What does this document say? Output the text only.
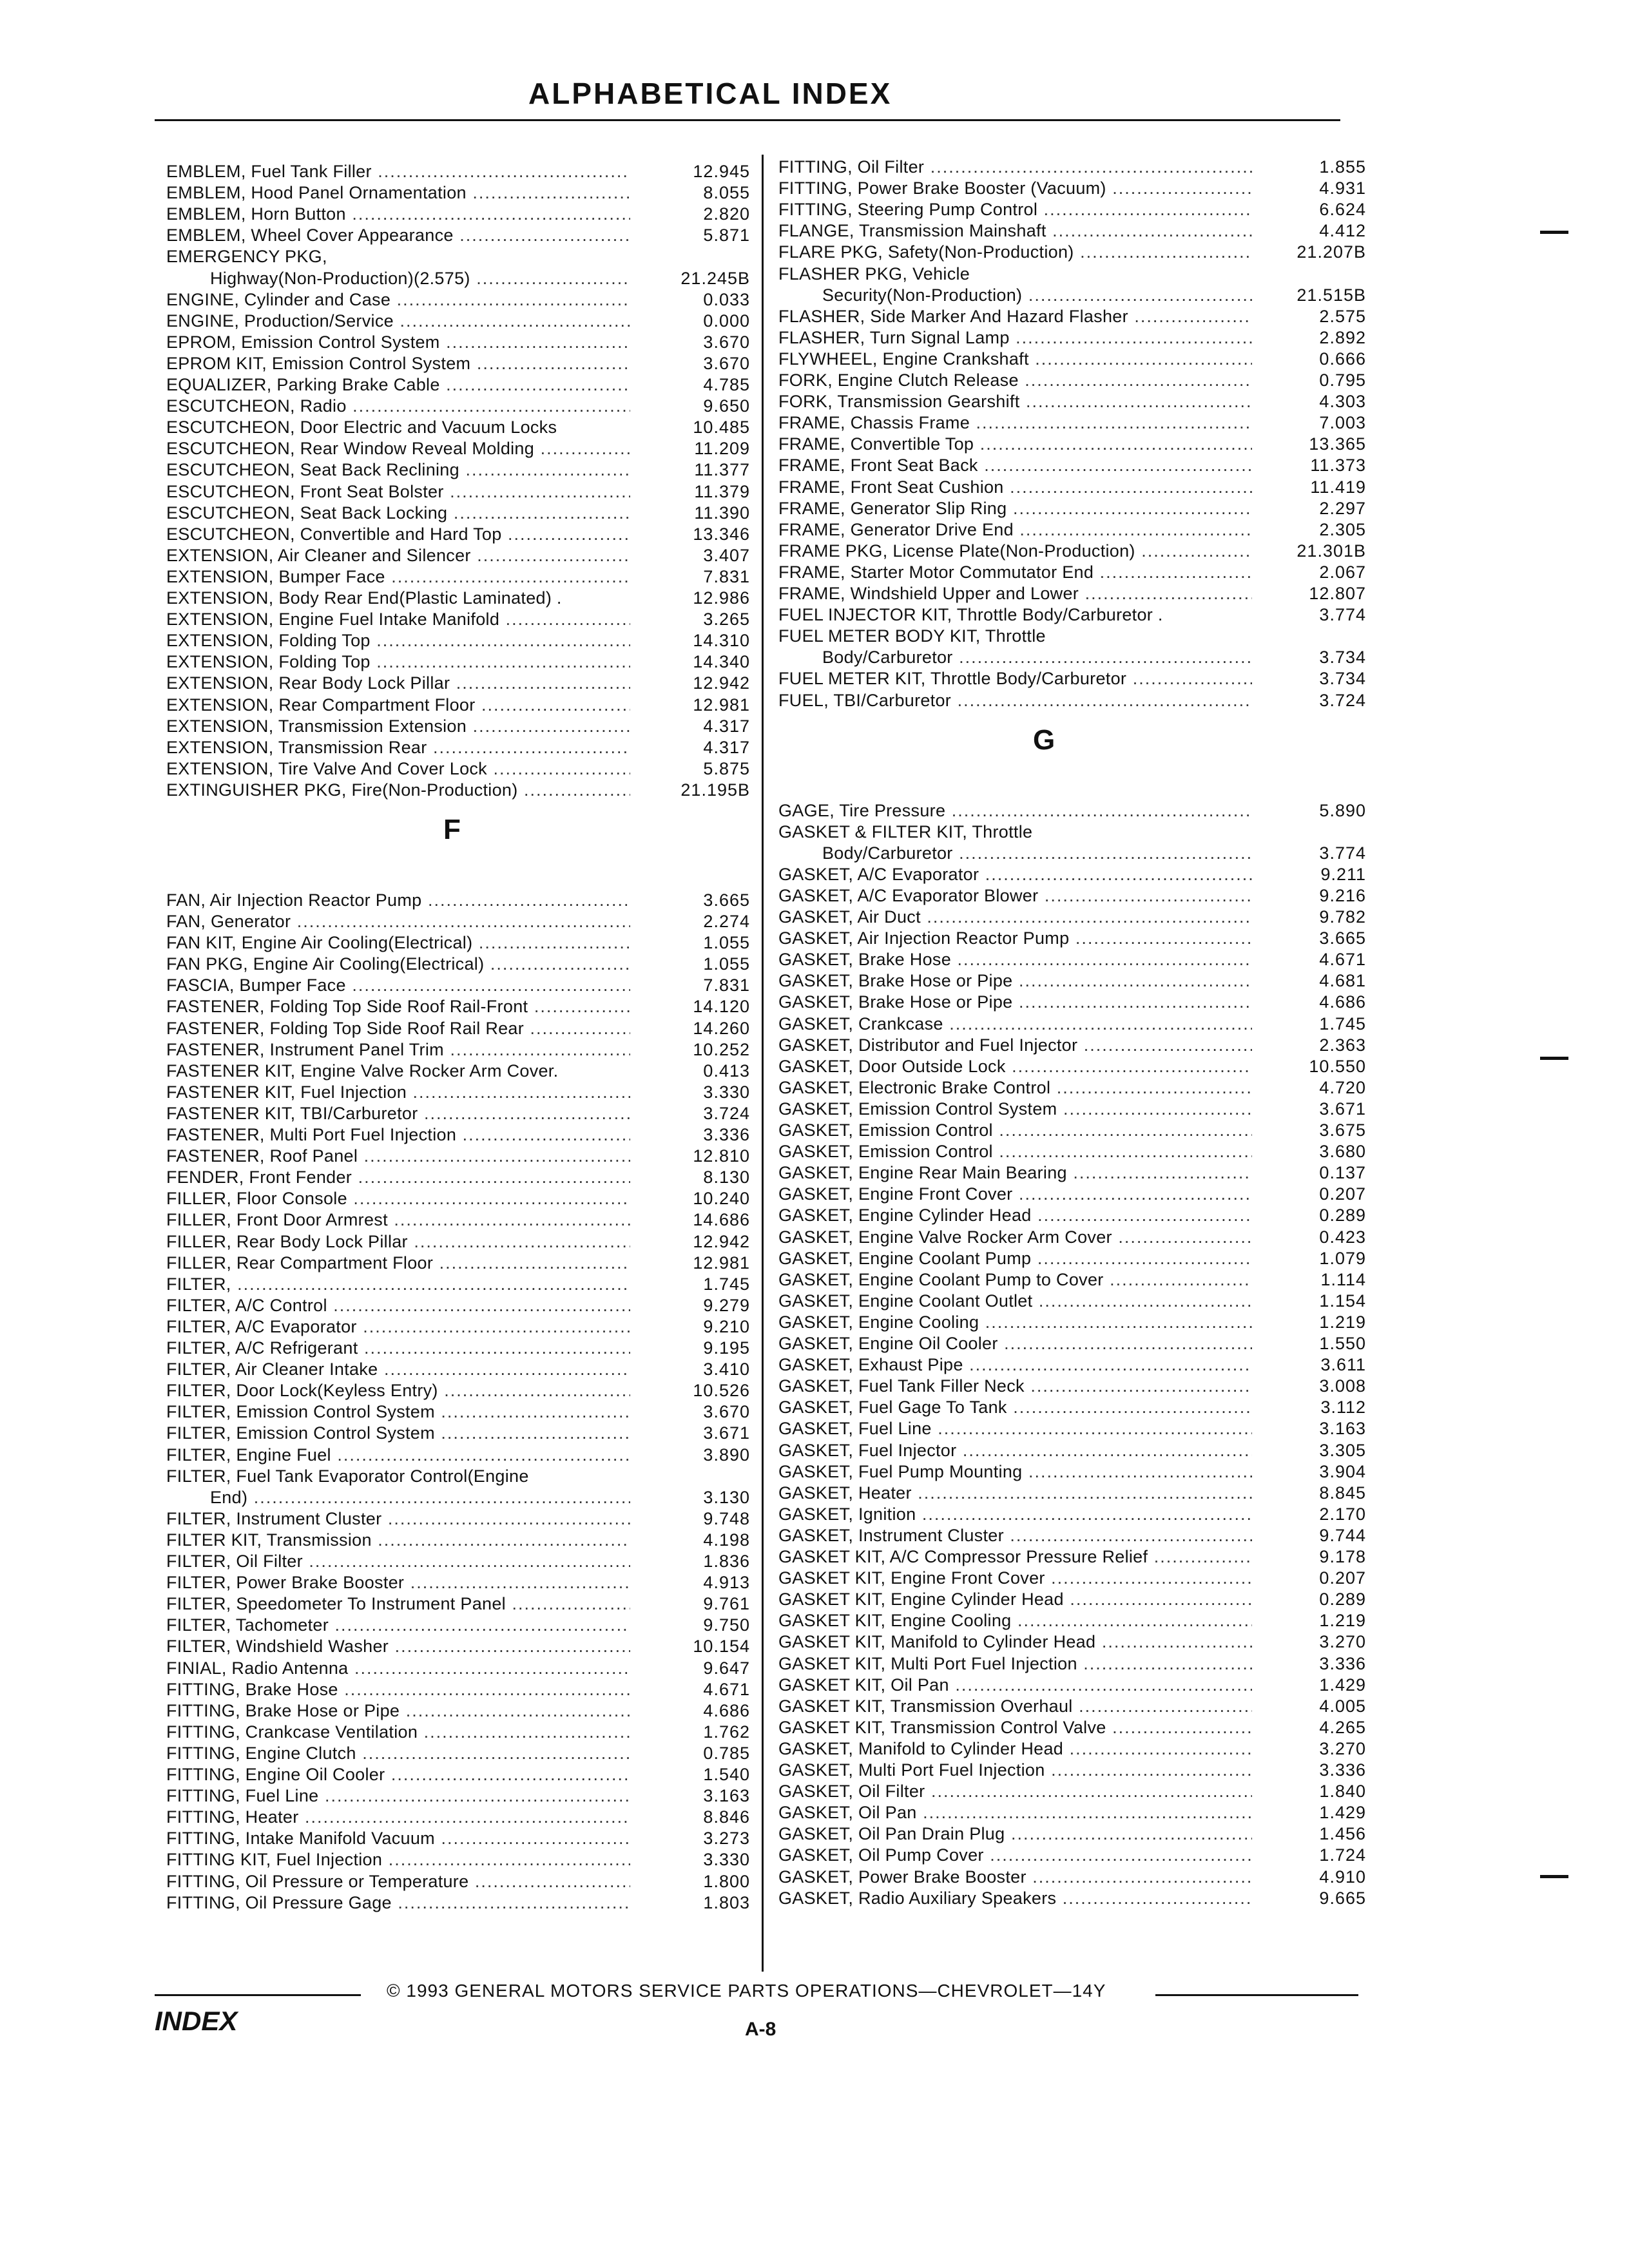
ALPHABETICAL INDEX
EMBLEM, Fuel Tank Filler .....	12.945
EMBLEM, Hood Panel Ornamentation .....	8.055
EMBLEM, Horn Button .....	2.820
EMBLEM, Wheel Cover Appearance .....	5.871
EMERGENCY PKG,
Highway(Non-Production)(2.575) .....	21.245B
ENGINE, Cylinder and Case .....	0.033
ENGINE, Production/Service .....	0.000
EPROM, Emission Control System .....	3.670
EPROM KIT, Emission Control System .....	3.670
EQUALIZER, Parking Brake Cable .....	4.785
ESCUTCHEON, Radio .....	9.650
ESCUTCHEON, Door Electric and Vacuum Locks	10.485
ESCUTCHEON, Rear Window Reveal Molding .....	11.209
ESCUTCHEON, Seat Back Reclining .....	11.377
ESCUTCHEON, Front Seat Bolster .....	11.379
ESCUTCHEON, Seat Back Locking .....	11.390
ESCUTCHEON, Convertible and Hard Top .....	13.346
EXTENSION, Air Cleaner and Silencer .....	3.407
EXTENSION, Bumper Face .....	7.831
EXTENSION, Body Rear End(Plastic Laminated) .	12.986
EXTENSION, Engine Fuel Intake Manifold .....	3.265
EXTENSION, Folding Top .....	14.310
EXTENSION, Folding Top .....	14.340
EXTENSION, Rear Body Lock Pillar .....	12.942
EXTENSION, Rear Compartment Floor .....	12.981
EXTENSION, Transmission Extension .....	4.317
EXTENSION, Transmission Rear .....	4.317
EXTENSION, Tire Valve And Cover Lock .....	5.875
EXTINGUISHER PKG, Fire(Non-Production) .....	21.195B
F
FAN, Air Injection Reactor Pump .....	3.665
FAN, Generator .....	2.274
FAN KIT, Engine Air Cooling(Electrical) .....	1.055
FAN PKG, Engine Air Cooling(Electrical) .....	1.055
FASCIA, Bumper Face .....	7.831
FASTENER, Folding Top Side Roof Rail-Front .....	14.120
FASTENER, Folding Top Side Roof Rail Rear .....	14.260
FASTENER, Instrument Panel Trim .....	10.252
FASTENER KIT, Engine Valve Rocker Arm Cover.	0.413
FASTENER KIT, Fuel Injection .....	3.330
FASTENER KIT, TBI/Carburetor .....	3.724
FASTENER, Multi Port Fuel Injection .....	3.336
FASTENER, Roof Panel .....	12.810
FENDER, Front Fender .....	8.130
FILLER, Floor Console .....	10.240
FILLER, Front Door Armrest .....	14.686
FILLER, Rear Body Lock Pillar .....	12.942
FILLER, Rear Compartment Floor .....	12.981
FILTER, .....	1.745
FILTER, A/C Control .....	9.279
FILTER, A/C Evaporator .....	9.210
FILTER, A/C Refrigerant .....	9.195
FILTER, Air Cleaner Intake .....	3.410
FILTER, Door Lock(Keyless Entry) .....	10.526
FILTER, Emission Control System .....	3.670
FILTER, Emission Control System .....	3.671
FILTER, Engine Fuel .....	3.890
FILTER, Fuel Tank Evaporator Control(Engine
End) .....	3.130
FILTER, Instrument Cluster .....	9.748
FILTER KIT, Transmission .....	4.198
FILTER, Oil Filter .....	1.836
FILTER, Power Brake Booster .....	4.913
FILTER, Speedometer To Instrument Panel .....	9.761
FILTER, Tachometer .....	9.750
FILTER, Windshield Washer .....	10.154
FINIAL, Radio Antenna .....	9.647
FITTING, Brake Hose .....	4.671
FITTING, Brake Hose or Pipe .....	4.686
FITTING, Crankcase Ventilation .....	1.762
FITTING, Engine Clutch .....	0.785
FITTING, Engine Oil Cooler .....	1.540
FITTING, Fuel Line .....	3.163
FITTING, Heater .....	8.846
FITTING, Intake Manifold Vacuum .....	3.273
FITTING KIT, Fuel Injection .....	3.330
FITTING, Oil Pressure or Temperature .....	1.800
FITTING, Oil Pressure Gage .....	1.803
FITTING, Oil Filter .....	1.855
FITTING, Power Brake Booster (Vacuum) .....	4.931
FITTING, Steering Pump Control .....	6.624
FLANGE, Transmission Mainshaft .....	4.412
FLARE PKG, Safety(Non-Production) .....	21.207B
FLASHER PKG, Vehicle
Security(Non-Production) .....	21.515B
FLASHER, Side Marker And Hazard Flasher .....	2.575
FLASHER, Turn Signal Lamp .....	2.892
FLYWHEEL, Engine Crankshaft .....	0.666
FORK, Engine Clutch Release .....	0.795
FORK, Transmission Gearshift .....	4.303
FRAME, Chassis Frame .....	7.003
FRAME, Convertible Top .....	13.365
FRAME, Front Seat Back .....	11.373
FRAME, Front Seat Cushion .....	11.419
FRAME, Generator Slip Ring .....	2.297
FRAME, Generator Drive End .....	2.305
FRAME PKG, License Plate(Non-Production) .....	21.301B
FRAME, Starter Motor Commutator End .....	2.067
FRAME, Windshield Upper and Lower .....	12.807
FUEL INJECTOR KIT, Throttle Body/Carburetor .	3.774
FUEL METER BODY KIT, Throttle
Body/Carburetor .....	3.734
FUEL METER KIT, Throttle Body/Carburetor .....	3.734
FUEL, TBI/Carburetor .....	3.724
G
GAGE, Tire Pressure .....	5.890
GASKET & FILTER KIT, Throttle
Body/Carburetor .....	3.774
GASKET, A/C Evaporator .....	9.211
GASKET, A/C Evaporator Blower .....	9.216
GASKET, Air Duct .....	9.782
GASKET, Air Injection Reactor Pump .....	3.665
GASKET, Brake Hose .....	4.671
GASKET, Brake Hose or Pipe .....	4.681
GASKET, Brake Hose or Pipe .....	4.686
GASKET, Crankcase .....	1.745
GASKET, Distributor and Fuel Injector .....	2.363
GASKET, Door Outside Lock .....	10.550
GASKET, Electronic Brake Control .....	4.720
GASKET, Emission Control System .....	3.671
GASKET, Emission Control .....	3.675
GASKET, Emission Control .....	3.680
GASKET, Engine Rear Main Bearing .....	0.137
GASKET, Engine Front Cover .....	0.207
GASKET, Engine Cylinder Head .....	0.289
GASKET, Engine Valve Rocker Arm Cover .....	0.423
GASKET, Engine Coolant Pump .....	1.079
GASKET, Engine Coolant Pump to Cover .....	1.114
GASKET, Engine Coolant Outlet .....	1.154
GASKET, Engine Cooling .....	1.219
GASKET, Engine Oil Cooler .....	1.550
GASKET, Exhaust Pipe .....	3.611
GASKET, Fuel Tank Filler Neck .....	3.008
GASKET, Fuel Gage To Tank .....	3.112
GASKET, Fuel Line .....	3.163
GASKET, Fuel Injector .....	3.305
GASKET, Fuel Pump Mounting .....	3.904
GASKET, Heater .....	8.845
GASKET, Ignition .....	2.170
GASKET, Instrument Cluster .....	9.744
GASKET KIT, A/C Compressor Pressure Relief .....	9.178
GASKET KIT, Engine Front Cover .....	0.207
GASKET KIT, Engine Cylinder Head .....	0.289
GASKET KIT, Engine Cooling .....	1.219
GASKET KIT, Manifold to Cylinder Head .....	3.270
GASKET KIT, Multi Port Fuel Injection .....	3.336
GASKET KIT, Oil Pan .....	1.429
GASKET KIT, Transmission Overhaul .....	4.005
GASKET KIT, Transmission Control Valve .....	4.265
GASKET, Manifold to Cylinder Head .....	3.270
GASKET, Multi Port Fuel Injection .....	3.336
GASKET, Oil Filter .....	1.840
GASKET, Oil Pan .....	1.429
GASKET, Oil Pan Drain Plug .....	1.456
GASKET, Oil Pump Cover .....	1.724
GASKET, Power Brake Booster .....	4.910
GASKET, Radio Auxiliary Speakers .....	9.665
© 1993 GENERAL MOTORS SERVICE PARTS OPERATIONS—CHEVROLET—14Y
INDEX	A-8
